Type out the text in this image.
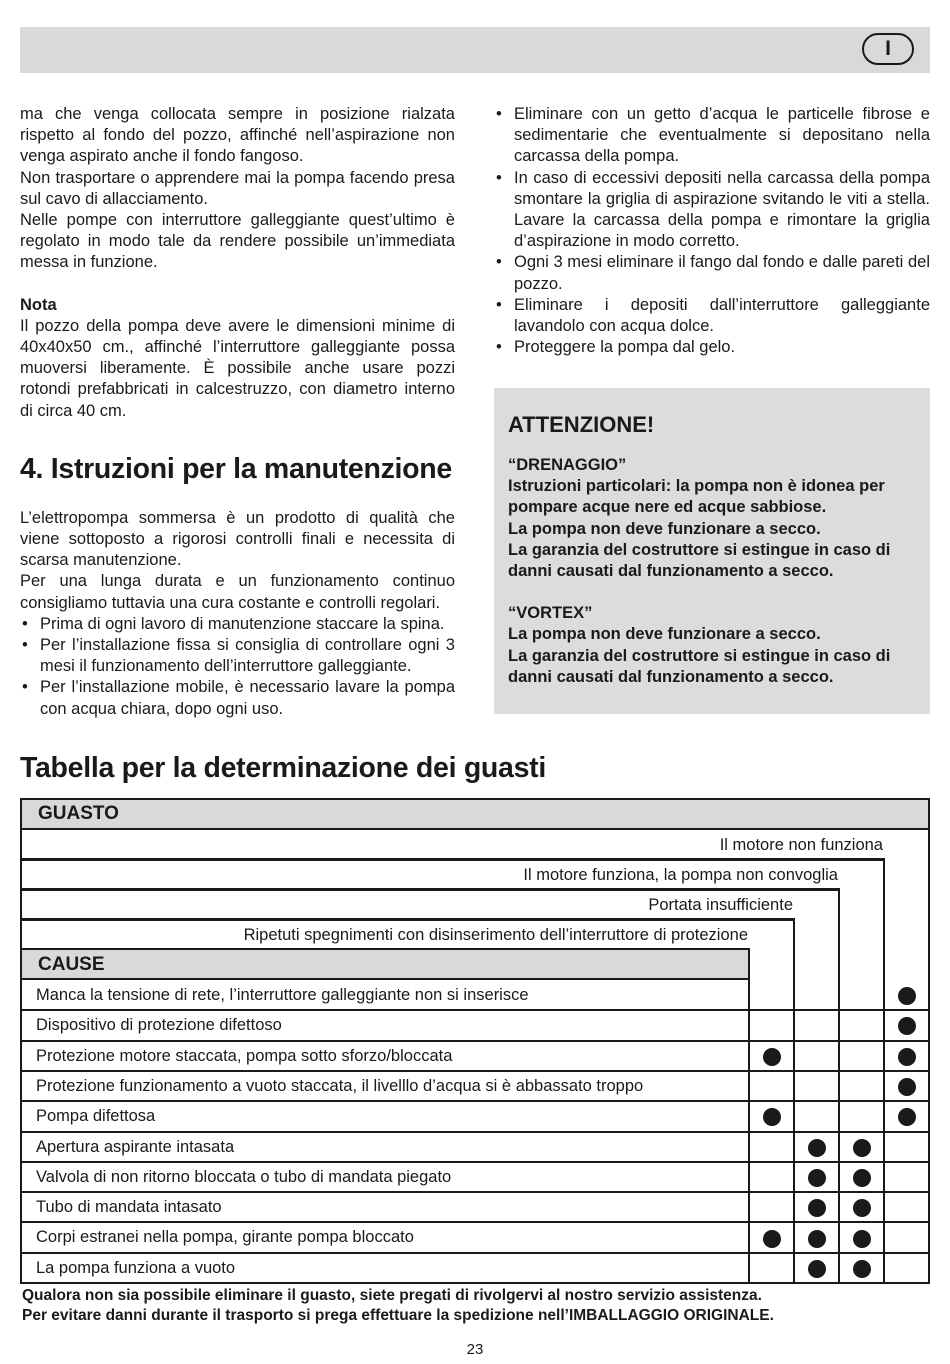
I

ma che venga collocata sempre in posizione rialzata rispetto al fondo del pozzo, affinché nell’aspirazione non venga aspirato anche il fondo fangoso.

Non trasportare o apprendere mai la pompa facendo presa sul cavo di allacciamento.

Nelle pompe con interruttore galleggiante quest’ultimo è regolato in modo tale da rendere possibile un’immediata messa in funzione.

Nota

Il pozzo della pompa deve avere le dimensioni minime di 40x40x50 cm., affinché l’interruttore galleggiante possa muoversi liberamente. È possibile anche usare pozzi rotondi prefabbricati in calcestruzzo, con diametro interno di circa 40 cm.

4. Istruzioni per la manutenzione

L’elettropompa sommersa è un prodotto di qualità che viene sottoposto a rigorosi controlli finali e necessita di scarsa manutenzione.

Per una lunga durata e un funzionamento continuo consigliamo tuttavia una cura costante e controlli regolari.

• Prima di ogni lavoro di manutenzione staccare la spina.
• Per l’installazione fissa si consiglia di controllare ogni 3 mesi il funzionamento dell’interruttore galleggiante.
• Per l’installazione mobile, è necessario lavare la pompa con acqua chiara, dopo ogni uso.
• Eliminare con un getto d’acqua le particelle fibrose e sedimentarie che eventualmente si depositano nella carcassa della pompa.
• In caso di eccessivi depositi nella carcassa della pompa smontare la griglia di aspirazione svitando le viti a stella. Lavare la carcassa della pompa e rimontare la griglia d’aspirazione in modo corretto.
• Ogni 3 mesi eliminare il fango dal fondo e dalle pareti del pozzo.
• Eliminare i depositi dall’interruttore galleggiante lavandolo con acqua dolce.
• Proteggere la pompa dal gelo.
ATTENZIONE!
“DRENAGGIO”
Istruzioni particolari: la pompa non è idonea per pompare acque nere ed acque sabbiose.
La pompa non deve funzionare a secco.
La garanzia del costruttore si estingue in caso di danni causati dal funzionamento a secco.
“VORTEX”
La pompa non deve funzionare a secco.
La garanzia del costruttore si estingue in caso di danni causati dal funzionamento a secco.
Tabella per la determinazione dei guasti
GUASTO
CAUSE
Ripetuti spegnimenti con disinserimento dell’interruttore di protezione
Portata insufficiente
Il motore funziona, la pompa non convoglia
Il motore non funziona
Manca la tensione di rete, l’interruttore galleggiante non si inserisce
Dispositivo di protezione difettoso
Protezione motore staccata, pompa sotto sforzo/bloccata
Protezione funzionamento a vuoto staccata, il livelllo d’acqua si è abbassato troppo
Pompa difettosa
Apertura aspirante intasata
Valvola di non ritorno bloccata o tubo di mandata piegato
Tubo di mandata intasato
Corpi estranei nella pompa, girante pompa bloccato
La pompa funziona a vuoto
Qualora non sia possibile eliminare il guasto, siete pregati di rivolgervi al nostro servizio assistenza.
Per evitare danni durante il trasporto si prega effettuare la spedizione nell’IMBALLAGGIO ORIGINALE.
23
